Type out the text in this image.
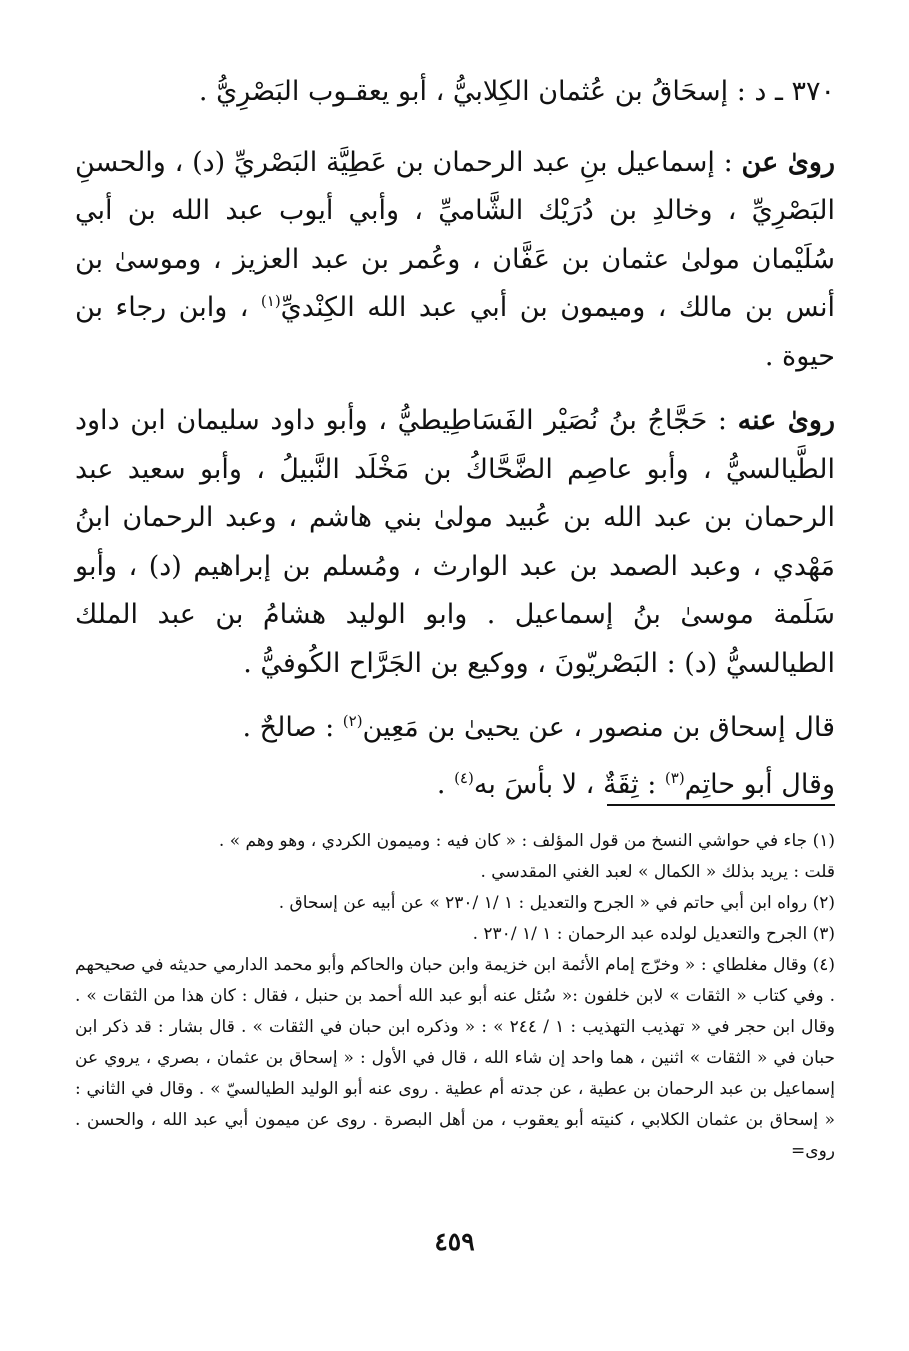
٣٧٠ ـ د : إسحَاقُ بن عُثمان الكِلابيُّ ، أبو يعقـوب البَصْرِيُّ .

روىٰ عن : إسماعيل بنِ عبد الرحمان بن عَطِيَّة البَصْريِّ (د) ، والحسنِ البَصْرِيِّ ، وخالدِ بن دُرَيْك الشَّاميِّ ، وأبي أيوب عبد الله بن أبي سُلَيْمان مولىٰ عثمان بن عَفَّان ، وعُمر بن عبد العزيز ، وموسىٰ بن أنس بن مالك ، وميمون بن أبي عبد الله الكِنْديِّ$^{(١)}$ ، وابن رجاء بن حيوة .

روىٰ عنه : حَجَّاجُ بنُ نُصَيْر الفَسَاطِيطيُّ ، وأبو داود سليمان ابن داود الطَّيالسيُّ ، وأبو عاصِم الضَّحَّاكُ بن مَخْلَد النَّبيلُ ، وأبو سعيد عبد الرحمان بن عبد الله بن عُبيد مولىٰ بني هاشم ، وعبد الرحمان ابنُ مَهْدي ، وعبد الصمد بن عبد الوارث ، ومُسلم بن إبراهيم (د) ، وأبو سَلَمة موسىٰ بنُ إسماعيل . وابو الوليد هشامُ بن عبد الملك الطيالسيُّ (د) : البَصْريّونَ ، ووكيع بن الجَرَّاح الكُوفيُّ .

قال إسحاق بن منصور ، عن يحيىٰ بن مَعِين$^{(٢)}$ : صالحٌ .

وقال أبو حاتِم$^{(٣)}$ : ثِقَةٌ ، لا بأسَ به$^{(٤)}$ .

(١) جاء في حواشي النسخ من قول المؤلف : « كان فيه : وميمون الكردي ، وهو وهم » .

قلت : يريد بذلك « الكمال » لعبد الغني المقدسي .

(٢) رواه ابن أبي حاتم في « الجرح والتعديل : ١ /١ /٢٣٠ » عن أبيه عن إسحاق .

(٣) الجرح والتعديل لولده عبد الرحمان : ١ /١ /٢٣٠ .

(٤) وقال مغلطاي : « وخرّج إمام الأئمة ابن خزيمة وابن حبان والحاكم وأبو محمد الدارمي حديثه في صحيحهم . وفي كتاب « الثقات » لابن خلفون :« سُئل عنه أبو عبد الله أحمد بن حنبل ، فقال : كان هذا من الثقات » . وقال ابن حجر في « تهذيب التهذيب : ١ / ٢٤٤ » : « وذكره ابن حبان في الثقات » . قال بشار : قد ذكر ابن حبان في « الثقات » اثنين ، هما واحد إن شاء الله ، قال في الأول : « إسحاق بن عثمان ، بصري ، يروي عن إسماعيل بن عبد الرحمان بن عطية ، عن جدته أم عطية . روى عنه أبو الوليد الطيالسيّ » . وقال في الثاني : « إسحاق بن عثمان الكلابي ، كنيته أبو يعقوب ، من أهل البصرة . روى عن ميمون أبي عبد الله ، والحسن . روى=

٤٥٩
